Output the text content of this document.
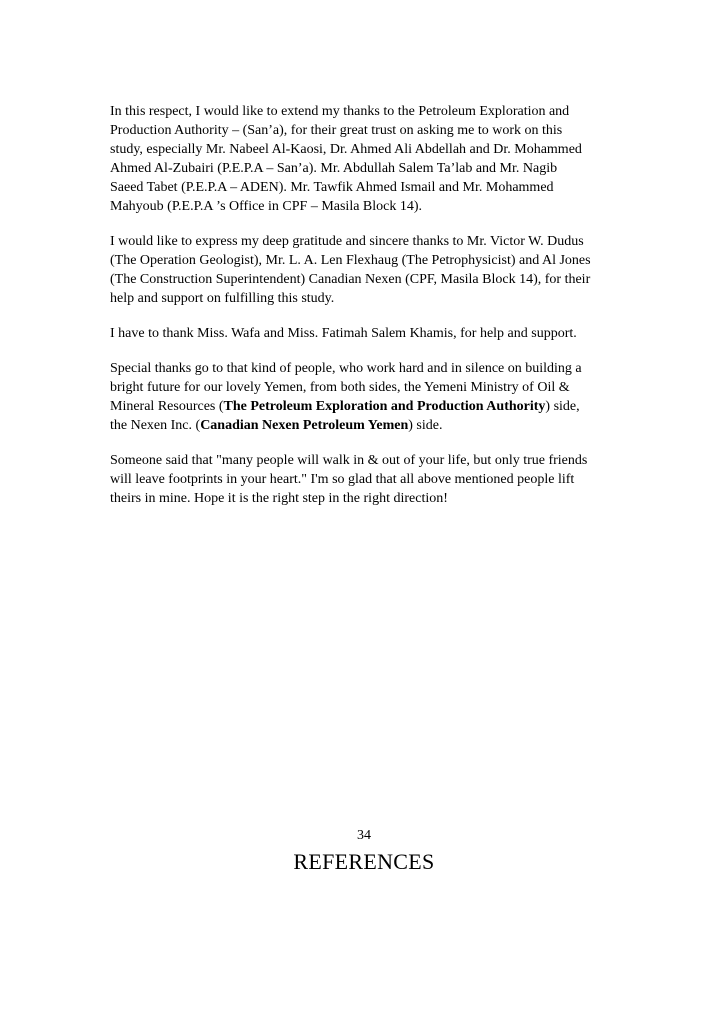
In this respect, I would like to extend my thanks to the Petroleum Exploration and
Production Authority – (San’a), for their great trust on asking me to work on this
study, especially Mr. Nabeel Al-Kaosi, Dr. Ahmed Ali Abdellah and Dr. Mohammed
Ahmed Al-Zubairi (P.E.P.A – San’a). Mr. Abdullah Salem Ta’lab and Mr. Nagib
Saeed Tabet (P.E.P.A – ADEN). Mr. Tawfik Ahmed Ismail and Mr. Mohammed
Mahyoub (P.E.P.A ’s Office in CPF – Masila Block 14).

I would like to express my deep gratitude and sincere thanks to Mr. Victor W. Dudus
(The Operation Geologist), Mr. L. A. Len Flexhaug (The Petrophysicist) and Al Jones
(The Construction Superintendent) Canadian Nexen (CPF, Masila Block 14), for their
help and support on fulfilling this study.

I have to thank Miss. Wafa and Miss. Fatimah Salem Khamis, for help and support.

Special thanks go to that kind of people, who work hard and in silence on building a
bright future for our lovely Yemen, from both sides, the Yemeni Ministry of Oil &
Mineral Resources (The Petroleum Exploration and Production Authority) side,
the Nexen Inc. (Canadian Nexen Petroleum Yemen) side.

Someone said that "many people will walk in & out of your life, but only true friends
will leave footprints in your heart." I'm so glad that all above mentioned people lift
theirs in mine. Hope it is the right step in the right direction!

34
REFERENCES
